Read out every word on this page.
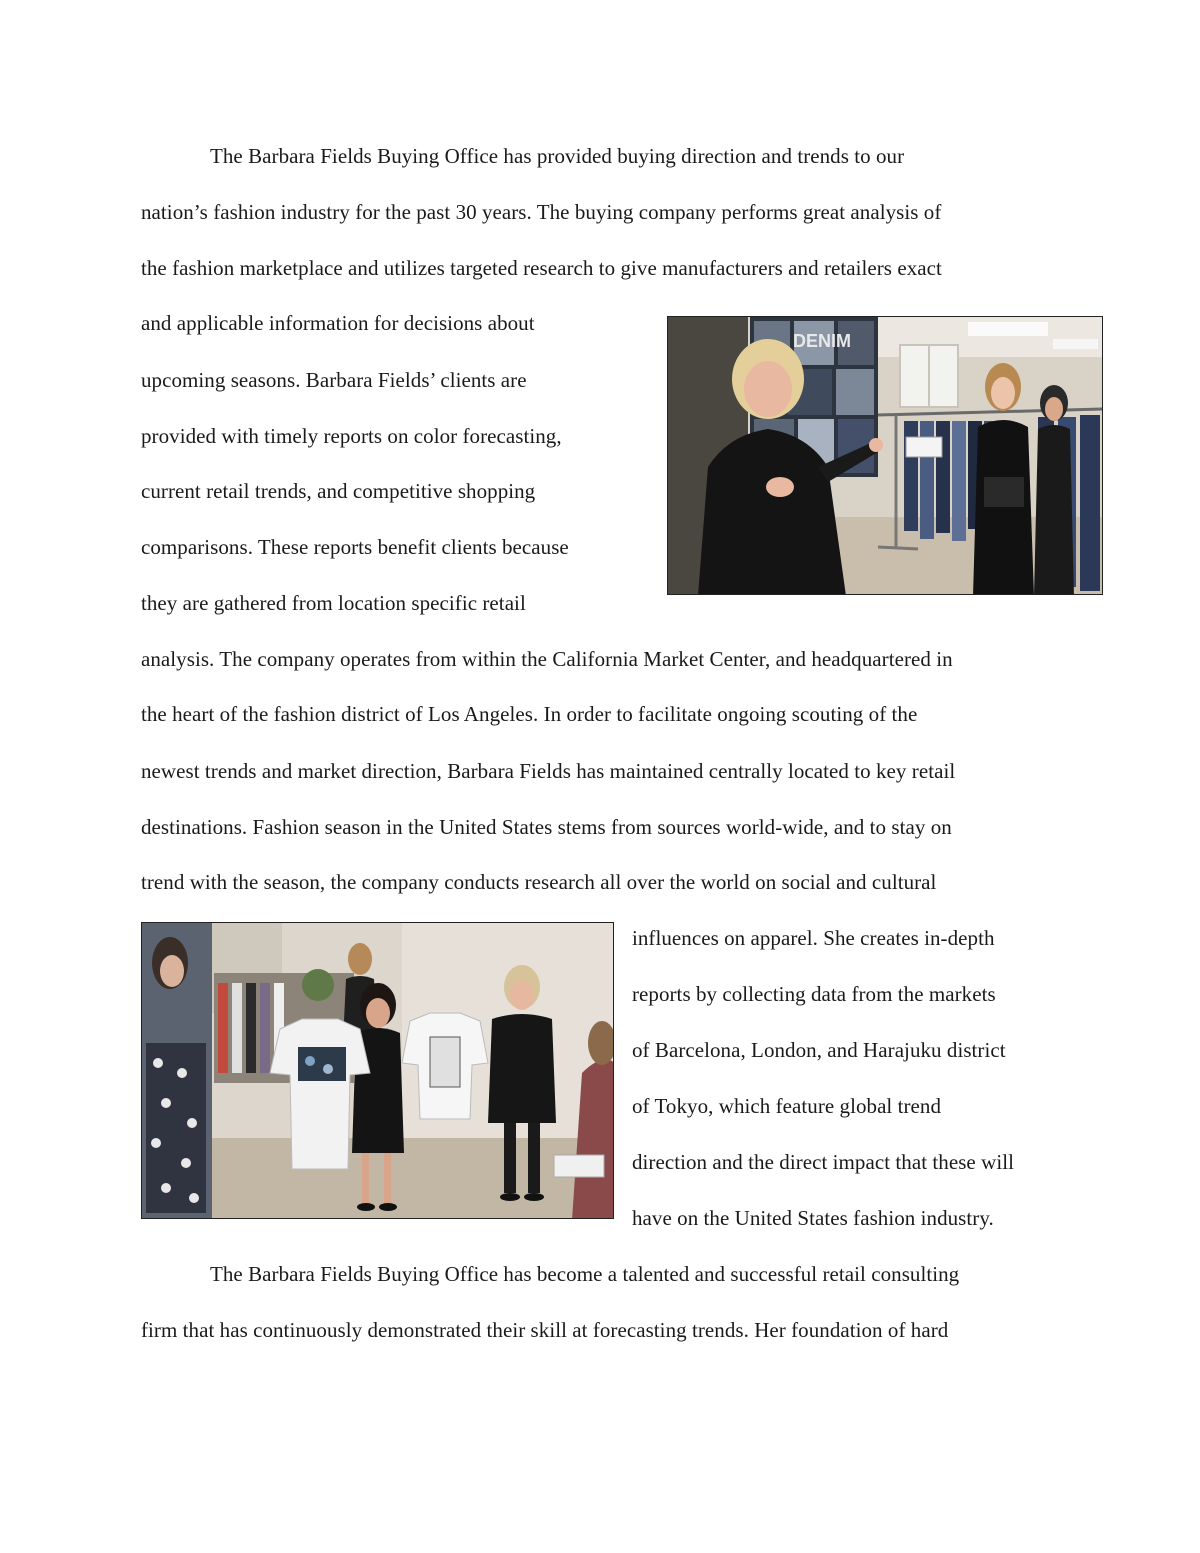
The Barbara Fields Buying Office has provided buying direction and trends to our
nation’s fashion industry for the past 30 years. The buying company performs great analysis of
the fashion marketplace and utilizes targeted research to give manufacturers and retailers exact
and applicable information for decisions about
upcoming seasons. Barbara Fields’ clients are
provided with timely reports on color forecasting,
current retail trends, and competitive shopping
comparisons. These reports benefit clients because
they are gathered from location specific retail
analysis. The company operates from within the California Market Center, and headquartered in
the heart of the fashion district of Los Angeles. In order to facilitate ongoing scouting of the
newest trends and market direction, Barbara Fields has maintained centrally located to key retail
destinations. Fashion season in the United States stems from sources world-wide, and to stay on
trend with the season, the company conducts research all over the world on social and cultural
influences on apparel. She creates in-depth
reports by collecting data from the markets
of Barcelona, London, and Harajuku district
of Tokyo, which feature global trend
direction and the direct impact that these will
have on the United States fashion industry.
The Barbara Fields Buying Office has become a talented and successful retail consulting
firm that has continuously demonstrated their skill at forecasting trends. Her foundation of hard
DENIM
